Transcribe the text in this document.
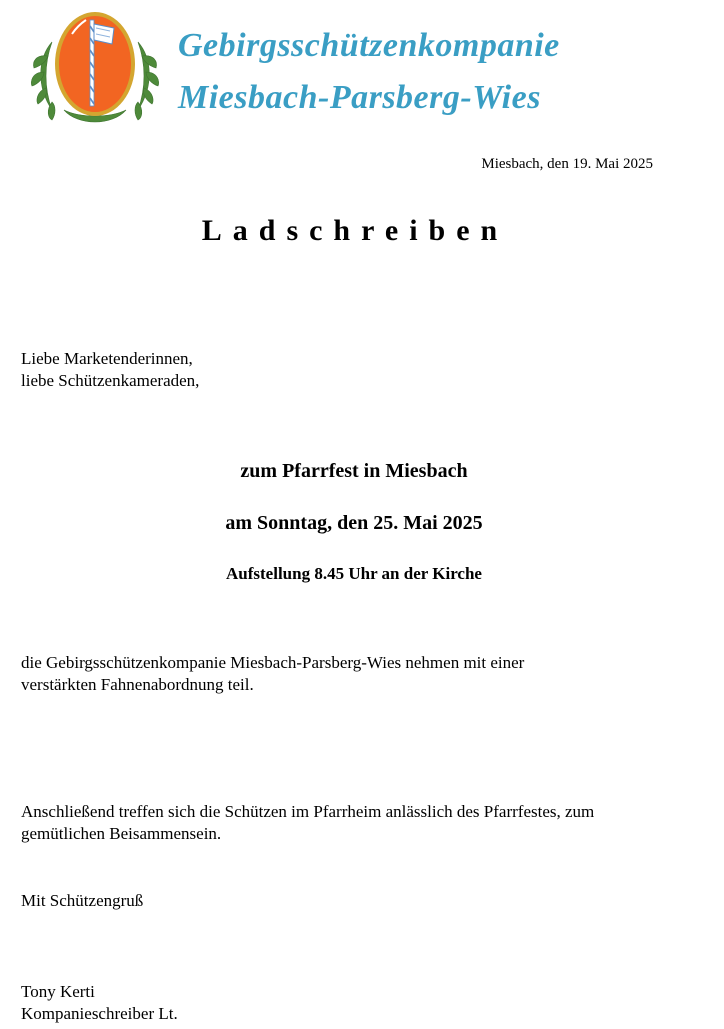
Gebirgsschützenkompanie
Miesbach-Parsberg-Wies
Miesbach, den 19. Mai 2025
Ladschreiben
Liebe Marketenderinnen,
liebe Schützenkameraden,
zum Pfarrfest in Miesbach
am Sonntag, den 25. Mai 2025
Aufstellung 8.45 Uhr an der Kirche
die Gebirgsschützenkompanie Miesbach-Parsberg-Wies nehmen mit einer
verstärkten Fahnenabordnung teil.
Anschließend treffen sich die Schützen im Pfarrheim anlässlich des Pfarrfestes, zum
gemütlichen Beisammensein.
Mit Schützengruß
Tony Kerti
Kompanieschreiber Lt.
